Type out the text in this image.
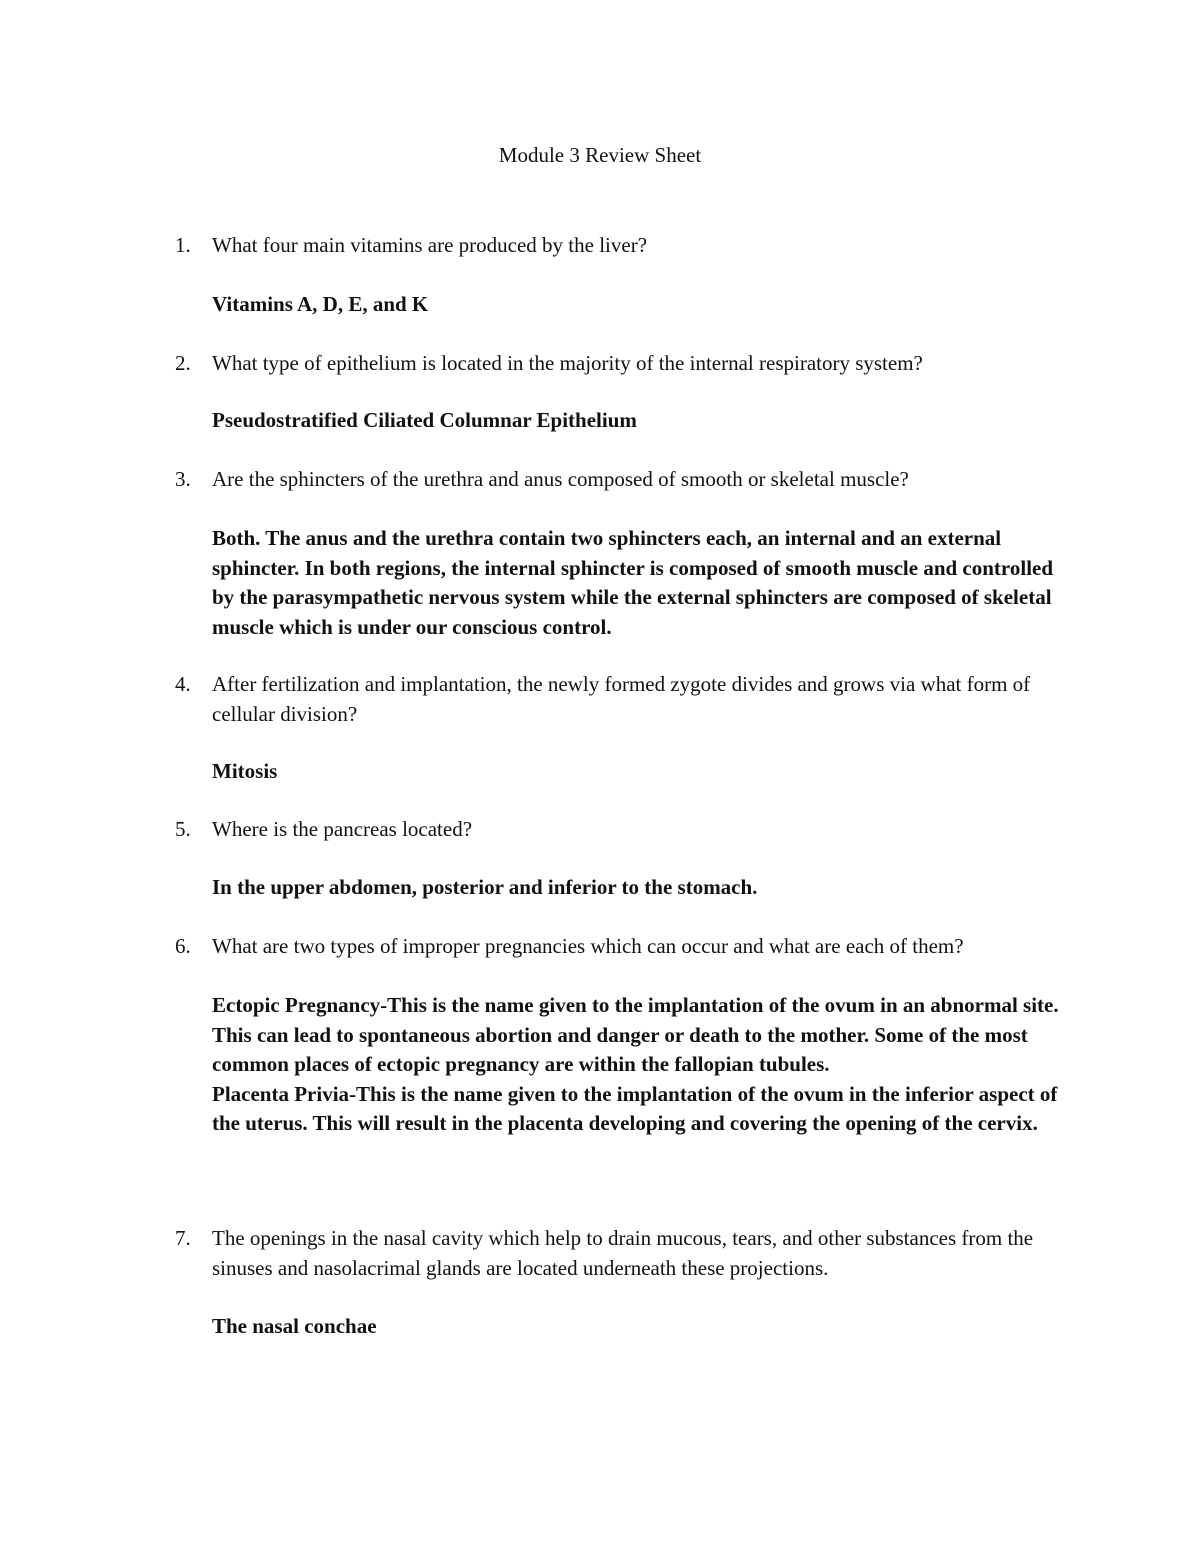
Module 3 Review Sheet
1.	What four main vitamins are produced by the liver?

Vitamins A, D, E, and K

2.	What type of epithelium is located in the majority of the internal respiratory system?

Pseudostratified Ciliated Columnar Epithelium

3.	Are the sphincters of the urethra and anus composed of smooth or skeletal muscle?

Both. The anus and the urethra contain two sphincters each, an internal and an external sphincter. In both regions, the internal sphincter is composed of smooth muscle and controlled by the parasympathetic nervous system while the external sphincters are composed of skeletal muscle which is under our conscious control.

4.	After fertilization and implantation, the newly formed zygote divides and grows via what form of cellular division?

Mitosis

5.	Where is the pancreas located?

In the upper abdomen, posterior and inferior to the stomach.

6.	What are two types of improper pregnancies which can occur and what are each of them?

Ectopic Pregnancy-This is the name given to the implantation of the ovum in an abnormal site. This can lead to spontaneous abortion and danger or death to the mother. Some of the most common places of ectopic pregnancy are within the fallopian tubules.

Placenta Privia-This is the name given to the implantation of the ovum in the inferior aspect of the uterus. This will result in the placenta developing and covering the opening of the cervix.

7.	The openings in the nasal cavity which help to drain mucous, tears, and other substances from the sinuses and nasolacrimal glands are located underneath these projections.

The nasal conchae
